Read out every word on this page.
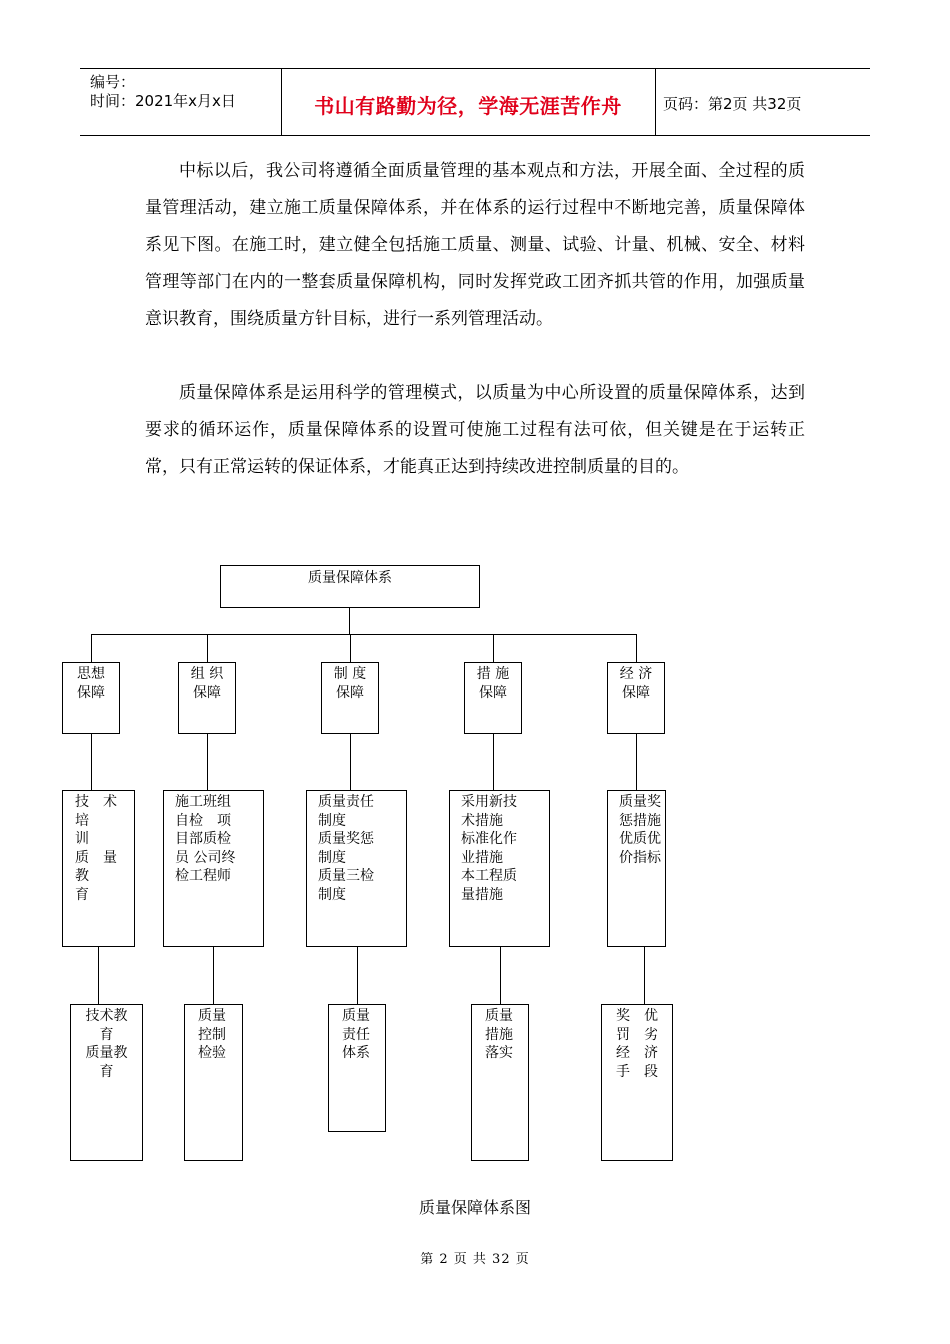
编号：
时间：2021年x月x日	书山有路勤为径，学海无涯苦作舟	页码：第2页 共32页

中标以后，我公司将遵循全面质量管理的基本观点和方法，开展全面、全过程的质量管理活动，建立施工质量保障体系，并在体系的运行过程中不断地完善，质量保障体系见下图。在施工时，建立健全包括施工质量、测量、试验、计量、机械、安全、材料管理等部门在内的一整套质量保障机构，同时发挥党政工团齐抓共管的作用，加强质量意识教育，围绕质量方针目标，进行一系列管理活动。

质量保障体系是运用科学的管理模式，以质量为中心所设置的质量保障体系，达到要求的循环运作，质量保障体系的设置可使施工过程有法可依，但关键是在于运转正常，只有正常运转的保证体系，才能真正达到持续改进控制质量的目的。

质量保障体系
思想
保障
技　术
培
训
质　量
教
育
技术教
育
质量教
育
组 织
保障
施工班组
自检　项
目部质检
员 公司终
检工程师
质量
控制
检验
制 度
保障
质量责任
制度
质量奖惩
制度
质量三检
制度
质量
责任
体系
措 施
保障
采用新技
术措施
标准化作
业措施
本工程质
量措施
质量
措施
落实
经 济
保障
质量奖
惩措施
优质优
价指标
奖　优
罚　劣
经　济
手　段
质量保障体系图
第 2 页 共 32 页
